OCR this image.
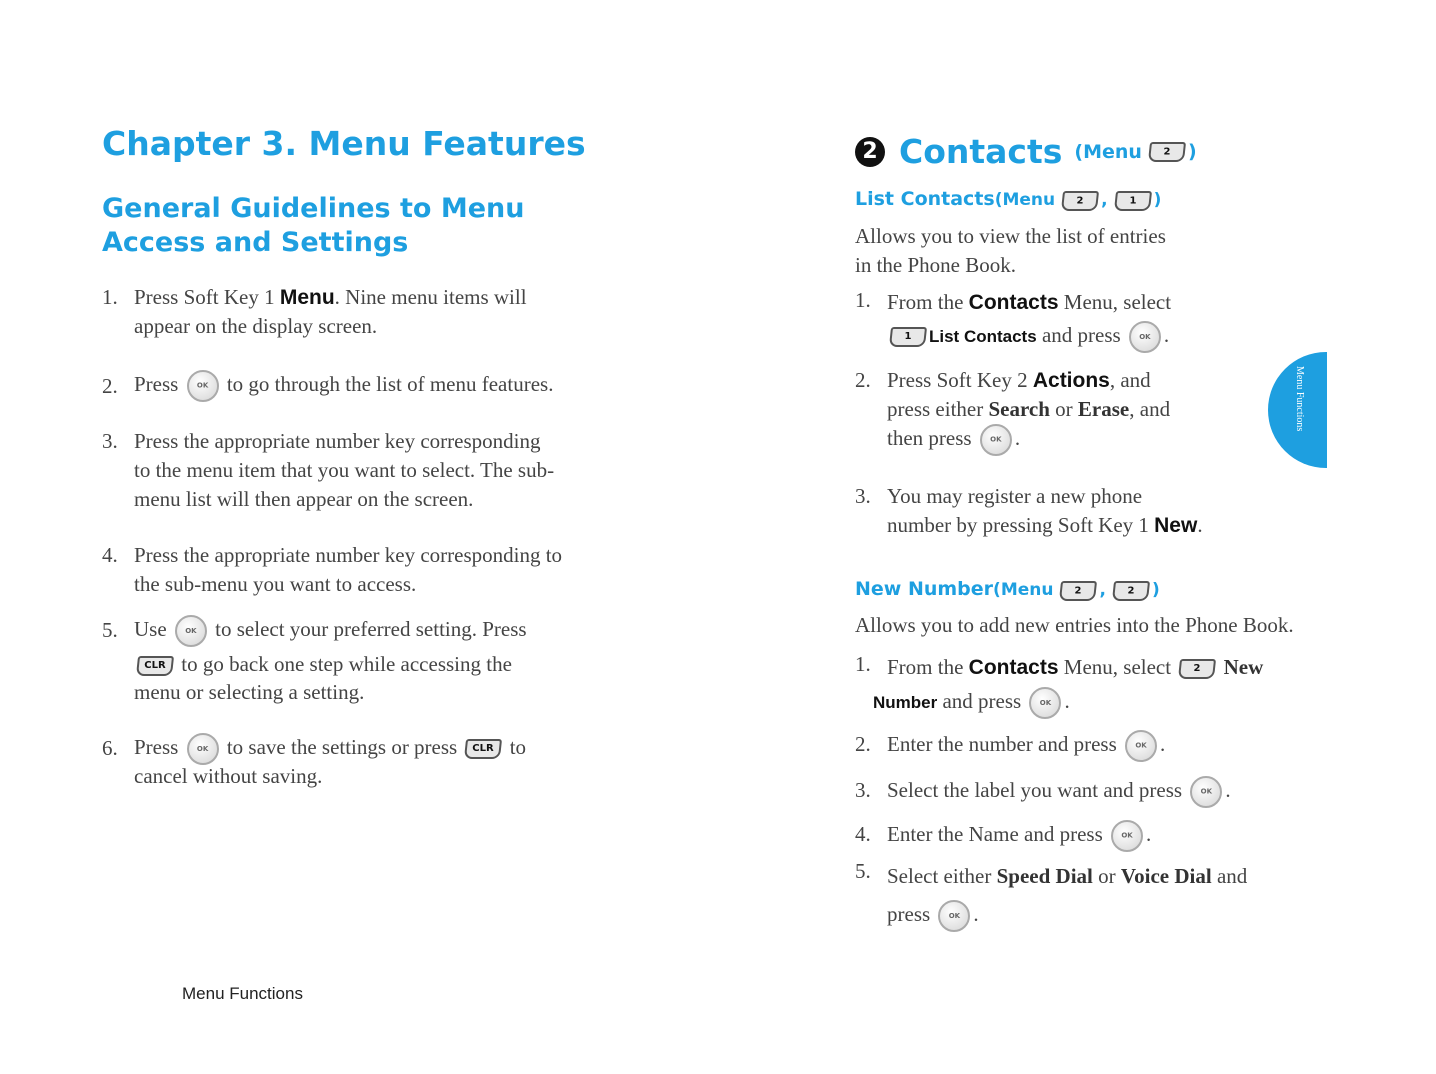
Chapter 3. Menu Features
General Guidelines to Menu Access and Settings
1. Press Soft Key 1 Menu. Nine menu items will
appear on the display screen.
2. Press OK to go through the list of menu features.
3. Press the appropriate number key corresponding
to the menu item that you want to select. The sub-
menu list will then appear on the screen.
4. Press the appropriate number key corresponding to
the sub-menu you want to access.
5. Use OK to select your preferred setting. Press

CLR to go back one step while accessing the
menu or selecting a setting.
6. Press OK to save the settings or press CLR to
cancel without saving.
Menu Functions
2 Contacts (Menu 2 )
List Contacts(Menu 2 , 1 )
Allows you to view the list of entries
in the Phone Book.
1. From the Contacts Menu, select

1 List Contacts and press OK .
2. Press Soft Key 2 Actions, and
press either Search or Erase, and
then press OK .
3. You may register a new phone
number by pressing Soft Key 1 New.
New Number(Menu 2 , 2 )
Allows you to add new entries into the Phone Book.
1. From the Contacts Menu, select 2 New
Number and press OK .
2. Enter the number and press OK .
3. Select the label you want and press OK .
4. Enter the Name and press OK .
5. Select either Speed Dial or Voice Dial and
press OK .
Menu Functions
